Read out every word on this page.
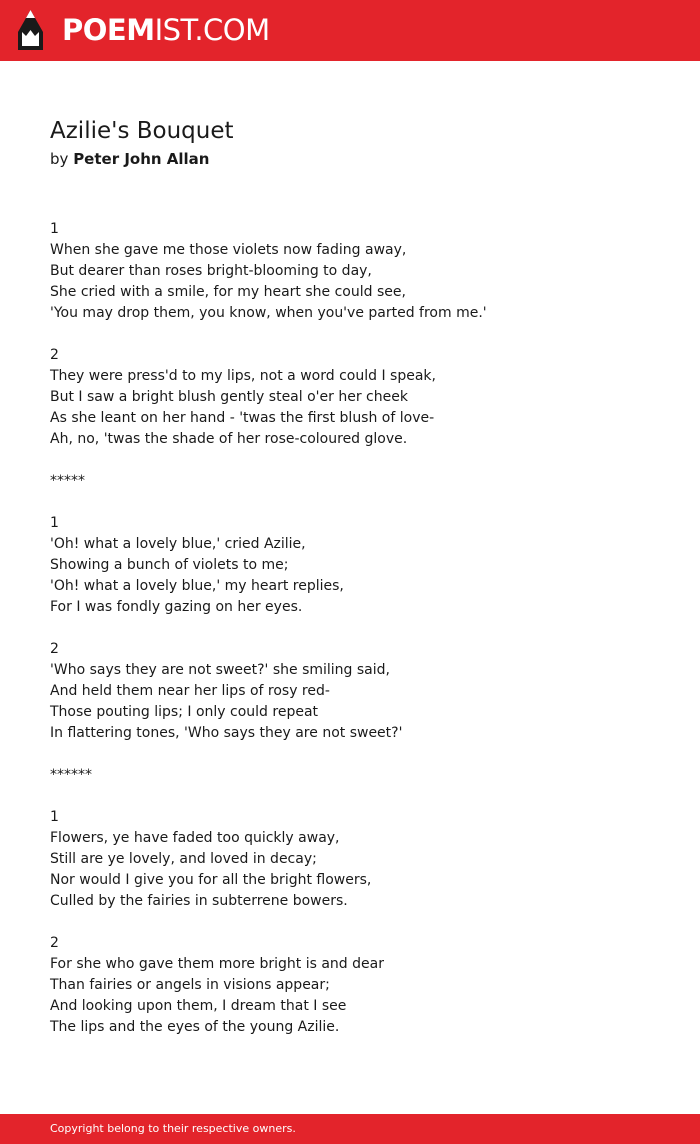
POEMIST.COM
Azilie's Bouquet
by Peter John Allan
1
When she gave me those violets now fading away,
But dearer than roses bright-blooming to day,
She cried with a smile, for my heart she could see,
'You may drop them, you know, when you've parted from me.'
2
They were press'd to my lips, not a word could I speak,
But I saw a bright blush gently steal o'er her cheek
As she leant on her hand - 'twas the first blush of love-
Ah, no, 'twas the shade of her rose-coloured glove.
*****
1
'Oh! what a lovely blue,' cried Azilie,
Showing a bunch of violets to me;
'Oh! what a lovely blue,' my heart replies,
For I was fondly gazing on her eyes.
2
'Who says they are not sweet?' she smiling said,
And held them near her lips of rosy red-
Those pouting lips; I only could repeat
In flattering tones, 'Who says they are not sweet?'
******
1
Flowers, ye have faded too quickly away,
Still are ye lovely, and loved in decay;
Nor would I give you for all the bright flowers,
Culled by the fairies in subterrene bowers.
2
For she who gave them more bright is and dear
Than fairies or angels in visions appear;
And looking upon them, I dream that I see
The lips and the eyes of the young Azilie.
Copyright belong to their respective owners.
